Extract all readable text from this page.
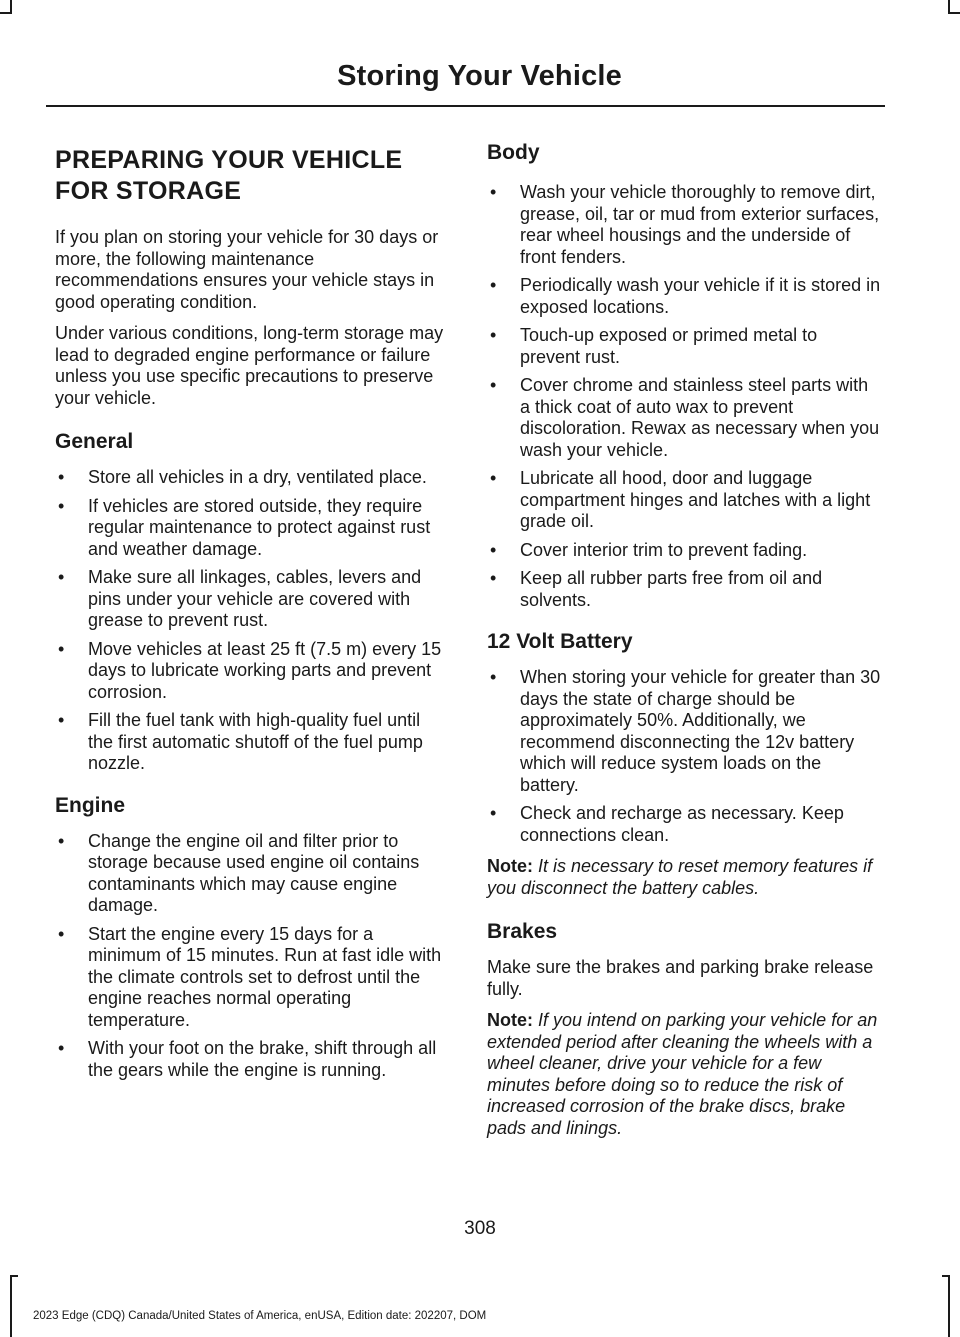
Storing Your Vehicle
PREPARING YOUR VEHICLE FOR STORAGE

If you plan on storing your vehicle for 30 days or more, the following maintenance recommendations ensures your vehicle stays in good operating condition.

Under various conditions, long-term storage may lead to degraded engine performance or failure unless you use specific precautions to preserve your vehicle.

General
• Store all vehicles in a dry, ventilated place.
• If vehicles are stored outside, they require regular maintenance to protect against rust and weather damage.
• Make sure all linkages, cables, levers and pins under your vehicle are covered with grease to prevent rust.
• Move vehicles at least 25 ft (7.5 m) every 15 days to lubricate working parts and prevent corrosion.
• Fill the fuel tank with high-quality fuel until the first automatic shutoff of the fuel pump nozzle.
Engine
• Change the engine oil and filter prior to storage because used engine oil contains contaminants which may cause engine damage.
• Start the engine every 15 days for a minimum of 15 minutes. Run at fast idle with the climate controls set to defrost until the engine reaches normal operating temperature.
• With your foot on the brake, shift through all the gears while the engine is running.
Body
• Wash your vehicle thoroughly to remove dirt, grease, oil, tar or mud from exterior surfaces, rear wheel housings and the underside of front fenders.
• Periodically wash your vehicle if it is stored in exposed locations.
• Touch-up exposed or primed metal to prevent rust.
• Cover chrome and stainless steel parts with a thick coat of auto wax to prevent discoloration. Rewax as necessary when you wash your vehicle.
• Lubricate all hood, door and luggage compartment hinges and latches with a light grade oil.
• Cover interior trim to prevent fading.
• Keep all rubber parts free from oil and solvents.
12 Volt Battery
• When storing your vehicle for greater than 30 days the state of charge should be approximately 50%. Additionally, we recommend disconnecting the 12v battery which will reduce system loads on the battery.
• Check and recharge as necessary. Keep connections clean.

Note: It is necessary to reset memory features if you disconnect the battery cables.

Brakes

Make sure the brakes and parking brake release fully.

Note: If you intend on parking your vehicle for an extended period after cleaning the wheels with a wheel cleaner, drive your vehicle for a few minutes before doing so to reduce the risk of increased corrosion of the brake discs, brake pads and linings.

308
2023 Edge (CDQ) Canada/United States of America, enUSA, Edition date: 202207, DOM
